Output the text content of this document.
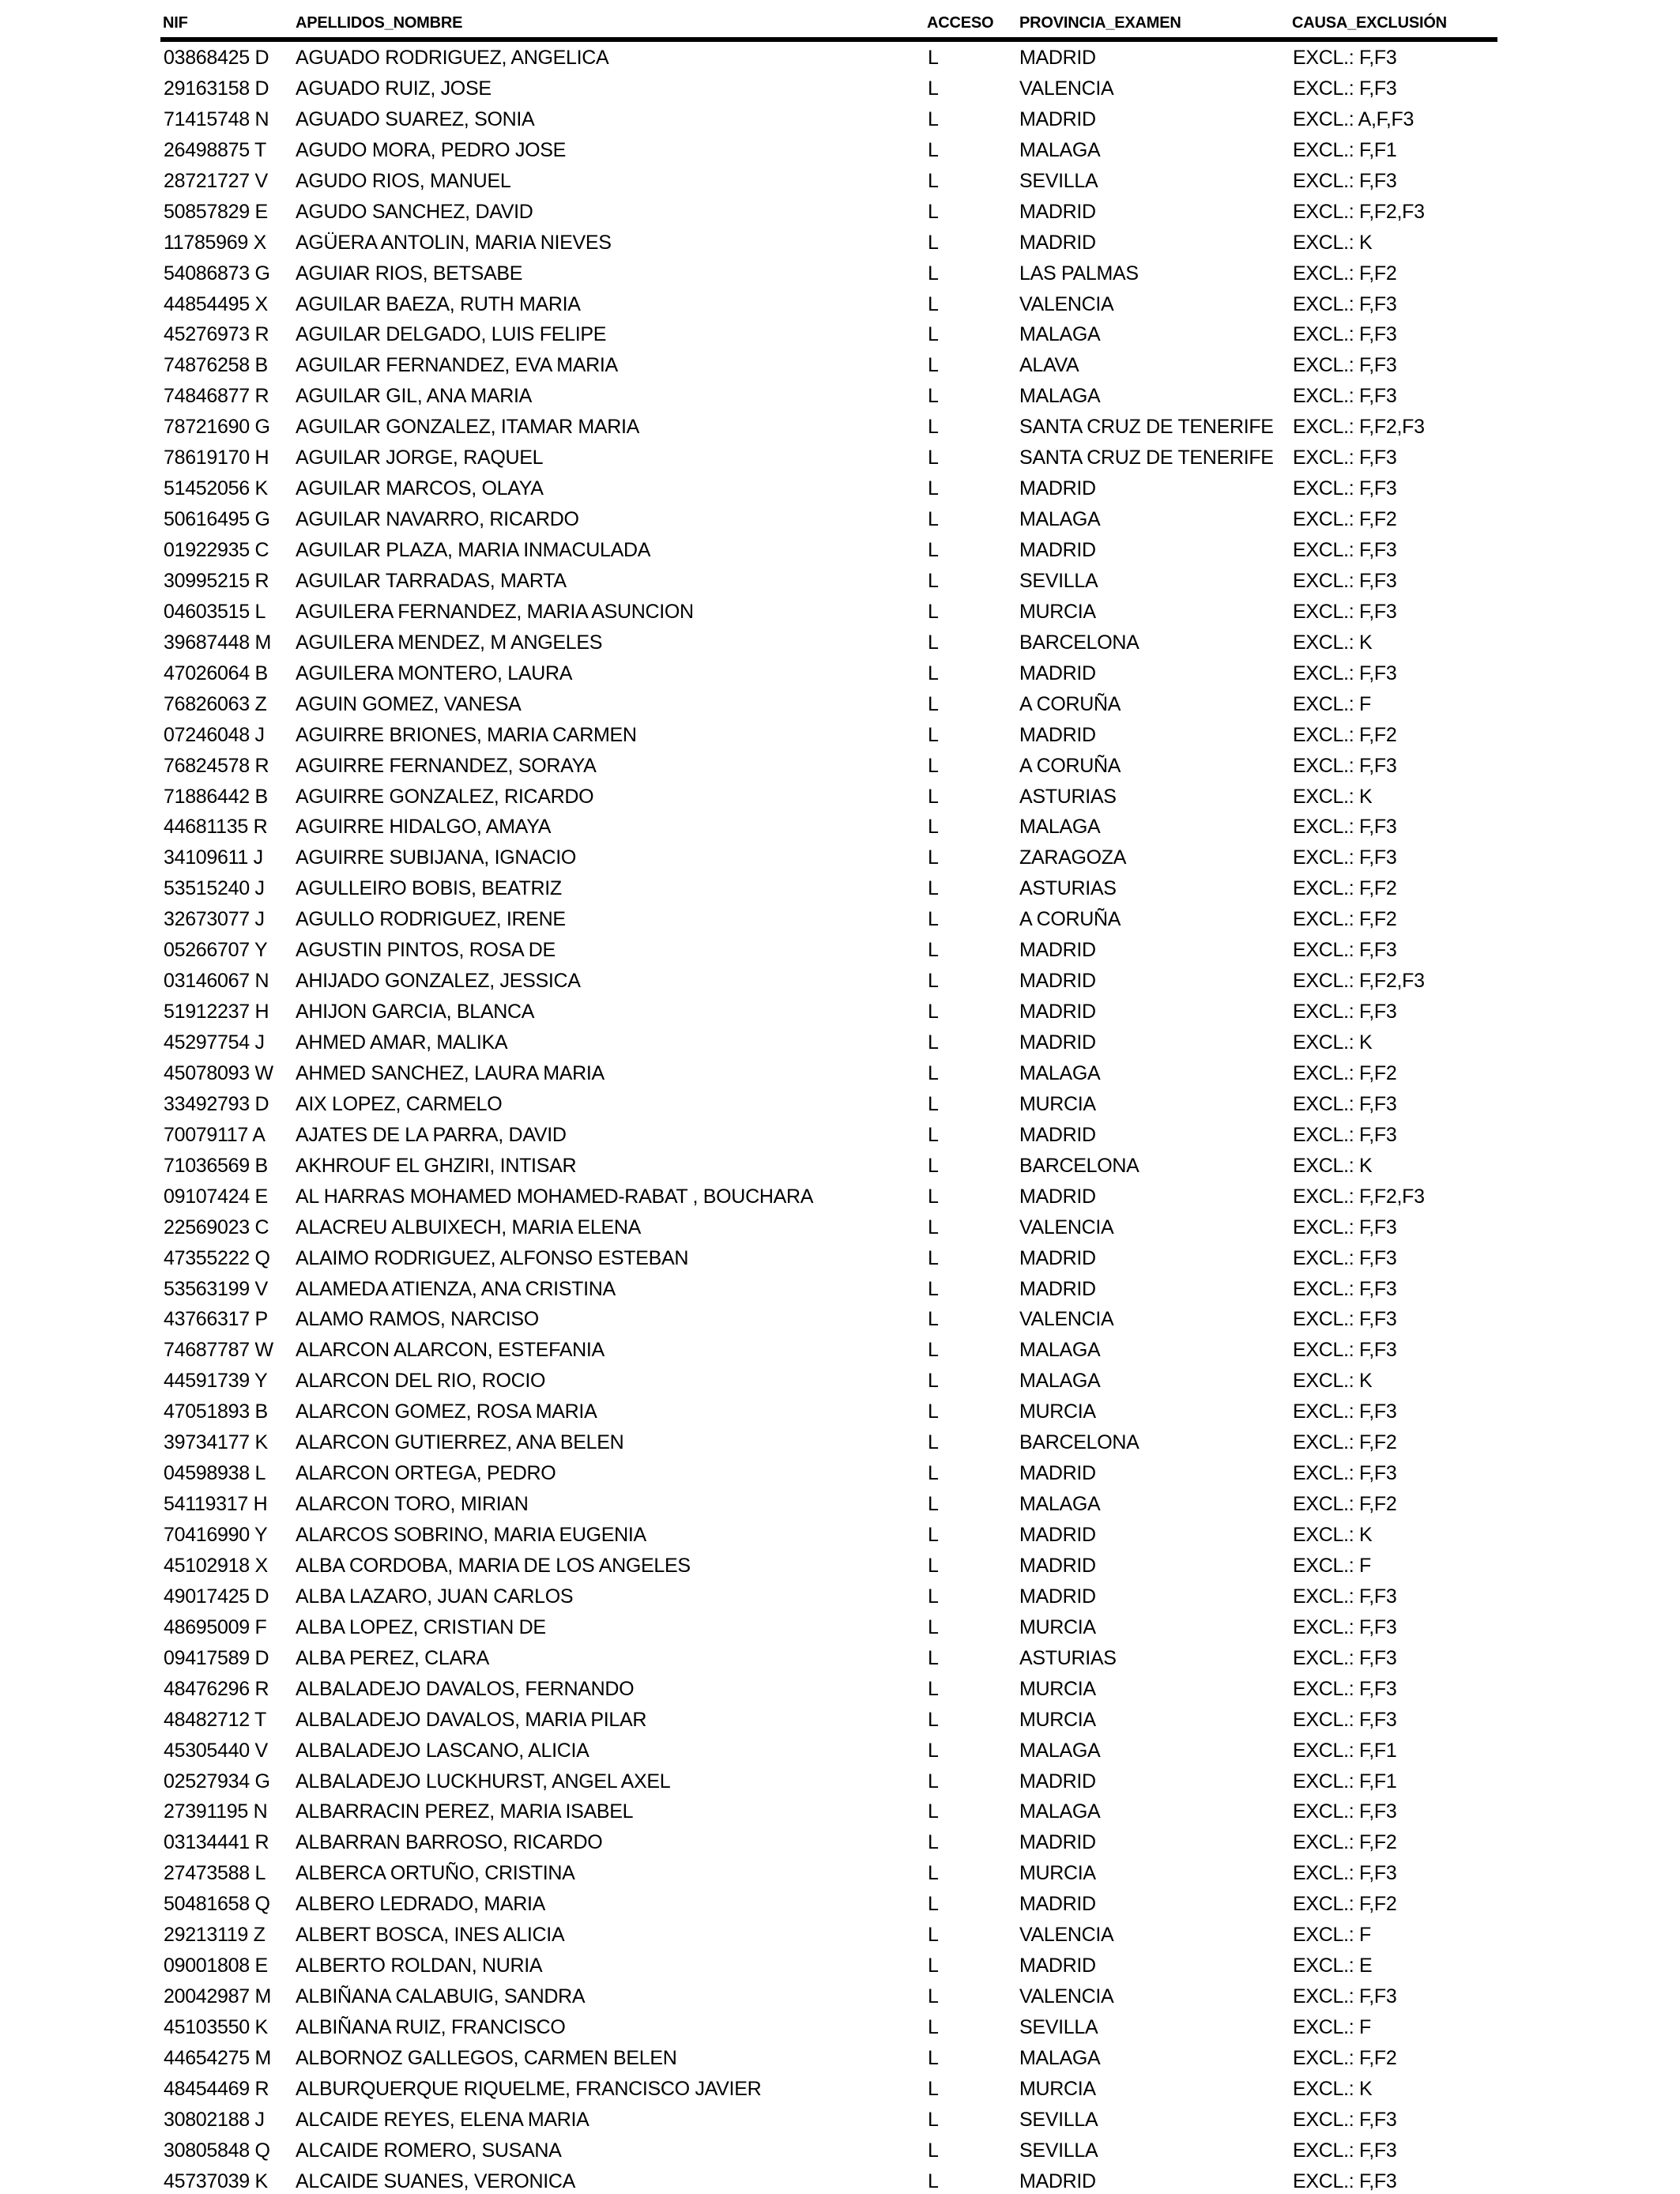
NIF	APELLIDOS_NOMBRE	ACCESO PROVINCIA_EXAMEN	CAUSA_EXCLUSIÓN
03868425 D AGUADO RODRIGUEZ, ANGELICA	L	MADRID	EXCL.: F,F3
29163158 D AGUADO RUIZ, JOSE	L	VALENCIA	EXCL.: F,F3
71415748 N AGUADO SUAREZ, SONIA	L	MADRID	EXCL.: A,F,F3
26498875 T AGUDO MORA, PEDRO JOSE	L	MALAGA	EXCL.: F,F1
28721727 V AGUDO RIOS, MANUEL	L	SEVILLA	EXCL.: F,F3
50857829 E AGUDO SANCHEZ, DAVID	L	MADRID	EXCL.: F,F2,F3
11785969 X AGÜERA ANTOLIN, MARIA NIEVES	L	MADRID	EXCL.: K
54086873 G AGUIAR RIOS, BETSABE	L	LAS PALMAS	EXCL.: F,F2
44854495 X AGUILAR BAEZA, RUTH MARIA	L	VALENCIA	EXCL.: F,F3
45276973 R AGUILAR DELGADO, LUIS FELIPE	L	MALAGA	EXCL.: F,F3
74876258 B AGUILAR FERNANDEZ, EVA MARIA	L	ALAVA	EXCL.: F,F3
74846877 R AGUILAR GIL, ANA MARIA	L	MALAGA	EXCL.: F,F3
78721690 G AGUILAR GONZALEZ, ITAMAR MARIA	L	SANTA CRUZ DE TENERIFE EXCL.: F,F2,F3
78619170 H AGUILAR JORGE, RAQUEL	L	SANTA CRUZ DE TENERIFE EXCL.: F,F3
51452056 K AGUILAR MARCOS, OLAYA	L	MADRID	EXCL.: F,F3
50616495 G AGUILAR NAVARRO, RICARDO	L	MALAGA	EXCL.: F,F2
01922935 C AGUILAR PLAZA, MARIA INMACULADA	L	MADRID	EXCL.: F,F3
30995215 R AGUILAR TARRADAS, MARTA	L	SEVILLA	EXCL.: F,F3
04603515 L AGUILERA FERNANDEZ, MARIA ASUNCION	L	MURCIA	EXCL.: F,F3
39687448 M AGUILERA MENDEZ, M ANGELES	L	BARCELONA	EXCL.: K
47026064 B AGUILERA MONTERO, LAURA	L	MADRID	EXCL.: F,F3
76826063 Z AGUIN GOMEZ, VANESA	L	A CORUÑA	EXCL.: F
07246048 J AGUIRRE BRIONES, MARIA CARMEN	L	MADRID	EXCL.: F,F2
76824578 R AGUIRRE FERNANDEZ, SORAYA	L	A CORUÑA	EXCL.: F,F3
71886442 B AGUIRRE GONZALEZ, RICARDO	L	ASTURIAS	EXCL.: K
44681135 R AGUIRRE HIDALGO, AMAYA	L	MALAGA	EXCL.: F,F3
34109611 J AGUIRRE SUBIJANA, IGNACIO	L	ZARAGOZA	EXCL.: F,F3
53515240 J AGULLEIRO BOBIS, BEATRIZ	L	ASTURIAS	EXCL.: F,F2
32673077 J AGULLO RODRIGUEZ, IRENE	L	A CORUÑA	EXCL.: F,F2
05266707 Y AGUSTIN PINTOS, ROSA DE	L	MADRID	EXCL.: F,F3
03146067 N AHIJADO GONZALEZ, JESSICA	L	MADRID	EXCL.: F,F2,F3
51912237 H AHIJON GARCIA, BLANCA	L	MADRID	EXCL.: F,F3
45297754 J AHMED AMAR, MALIKA	L	MADRID	EXCL.: K
45078093 W AHMED SANCHEZ, LAURA MARIA	L	MALAGA	EXCL.: F,F2
33492793 D AIX LOPEZ, CARMELO	L	MURCIA	EXCL.: F,F3
70079117 A AJATES DE LA PARRA, DAVID	L	MADRID	EXCL.: F,F3
71036569 B AKHROUF EL GHZIRI, INTISAR	L	BARCELONA	EXCL.: K
09107424 E AL HARRAS MOHAMED MOHAMED-RABAT , BOUCHARA	L	MADRID	EXCL.: F,F2,F3
22569023 C ALACREU ALBUIXECH, MARIA ELENA	L	VALENCIA	EXCL.: F,F3
47355222 Q ALAIMO RODRIGUEZ, ALFONSO ESTEBAN	L	MADRID	EXCL.: F,F3
53563199 V ALAMEDA ATIENZA, ANA CRISTINA	L	MADRID	EXCL.: F,F3
43766317 P ALAMO RAMOS, NARCISO	L	VALENCIA	EXCL.: F,F3
74687787 W ALARCON ALARCON, ESTEFANIA	L	MALAGA	EXCL.: F,F3
44591739 Y ALARCON DEL RIO, ROCIO	L	MALAGA	EXCL.: K
47051893 B ALARCON GOMEZ, ROSA MARIA	L	MURCIA	EXCL.: F,F3
39734177 K ALARCON GUTIERREZ, ANA BELEN	L	BARCELONA	EXCL.: F,F2
04598938 L ALARCON ORTEGA, PEDRO	L	MADRID	EXCL.: F,F3
54119317 H ALARCON TORO, MIRIAN	L	MALAGA	EXCL.: F,F2
70416990 Y ALARCOS SOBRINO, MARIA EUGENIA	L	MADRID	EXCL.: K
45102918 X ALBA CORDOBA, MARIA DE LOS ANGELES	L	MADRID	EXCL.: F
49017425 D ALBA LAZARO, JUAN CARLOS	L	MADRID	EXCL.: F,F3
48695009 F ALBA LOPEZ, CRISTIAN DE	L	MURCIA	EXCL.: F,F3
09417589 D ALBA PEREZ, CLARA	L	ASTURIAS	EXCL.: F,F3
48476296 R ALBALADEJO DAVALOS, FERNANDO	L	MURCIA	EXCL.: F,F3
48482712 T ALBALADEJO DAVALOS, MARIA PILAR	L	MURCIA	EXCL.: F,F3
45305440 V ALBALADEJO LASCANO, ALICIA	L	MALAGA	EXCL.: F,F1
02527934 G ALBALADEJO LUCKHURST, ANGEL AXEL	L	MADRID	EXCL.: F,F1
27391195 N ALBARRACIN PEREZ, MARIA ISABEL	L	MALAGA	EXCL.: F,F3
03134441 R ALBARRAN BARROSO, RICARDO	L	MADRID	EXCL.: F,F2
27473588 L ALBERCA ORTUÑO, CRISTINA	L	MURCIA	EXCL.: F,F3
50481658 Q ALBERO LEDRADO, MARIA	L	MADRID	EXCL.: F,F2
29213119 Z ALBERT BOSCA, INES ALICIA	L	VALENCIA	EXCL.: F
09001808 E ALBERTO ROLDAN, NURIA	L	MADRID	EXCL.: E
20042987 M ALBIÑANA CALABUIG, SANDRA	L	VALENCIA	EXCL.: F,F3
45103550 K ALBIÑANA RUIZ, FRANCISCO	L	SEVILLA	EXCL.: F
44654275 M ALBORNOZ GALLEGOS, CARMEN BELEN	L	MALAGA	EXCL.: F,F2
48454469 R ALBURQUERQUE RIQUELME, FRANCISCO JAVIER	L	MURCIA	EXCL.: K
30802188 J ALCAIDE REYES, ELENA MARIA	L	SEVILLA	EXCL.: F,F3
30805848 Q ALCAIDE ROMERO, SUSANA	L	SEVILLA	EXCL.: F,F3
45737039 K ALCAIDE SUANES, VERONICA	L	MADRID	EXCL.: F,F3
